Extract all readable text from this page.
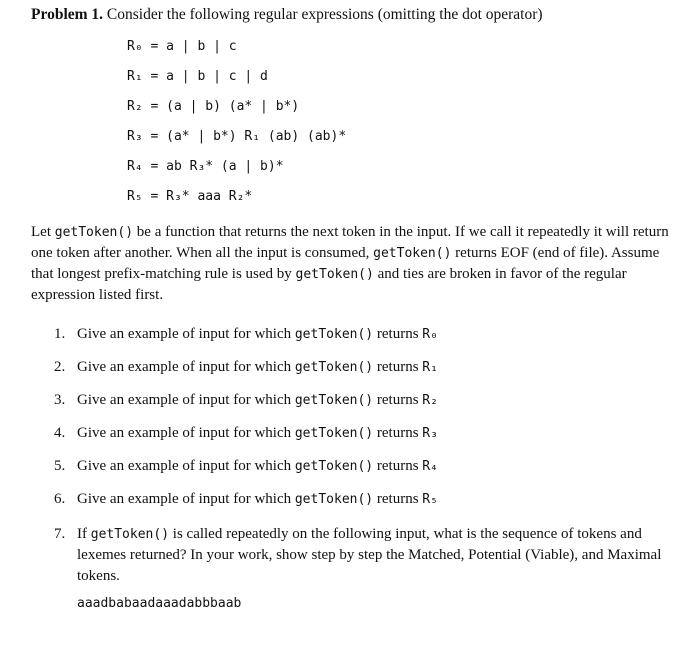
Problem 1. Consider the following regular expressions (omitting the dot operator)
R₀ = a | b | c
R₁ = a | b | c | d
R₂ = (a | b) (a* | b*)
R₃ = (a* | b*) R₁ (ab) (ab)*
R₄ = ab R₃* (a | b)*
R₅ = R₃* aaa R₂*
Let getToken() be a function that returns the next token in the input. If we call it repeatedly it will return one token after another. When all the input is consumed, getToken() returns EOF (end of file). Assume that longest prefix-matching rule is used by getToken() and ties are broken in favor of the regular expression listed first.
1. Give an example of input for which getToken() returns R₀
2. Give an example of input for which getToken() returns R₁
3. Give an example of input for which getToken() returns R₂
4. Give an example of input for which getToken() returns R₃
5. Give an example of input for which getToken() returns R₄
6. Give an example of input for which getToken() returns R₅
7. If getToken() is called repeatedly on the following input, what is the sequence of tokens and lexemes returned? In your work, show step by step the Matched, Potential (Viable), and Maximal tokens.
aaadbabaadaaadabbbaab
